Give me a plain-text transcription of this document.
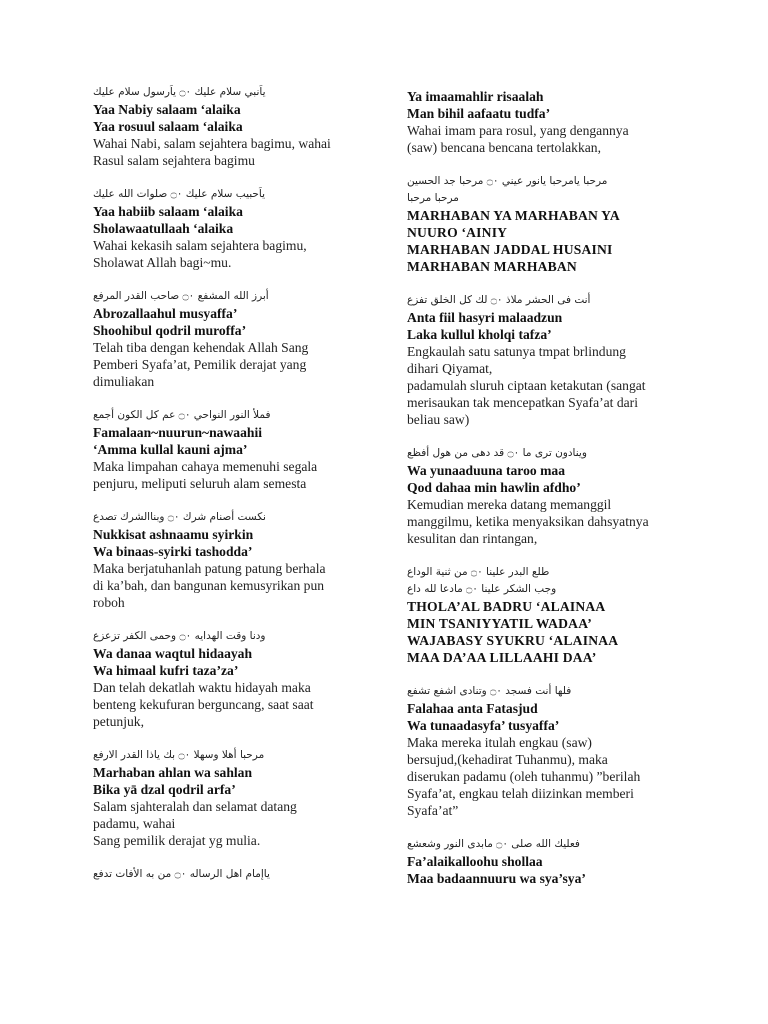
ياَنبي سلام عليك ۝٠ ياَرسول سلام عليك
Yaa Nabiy salaam ‘alaika
Yaa rosuul salaam ‘alaika
Wahai Nabi, salam sejahtera bagimu, wahai
Rasul salam sejahtera bagimu
ياَحبيب سلام عليك ۝٠ صلوات الله عليك
Yaa habiib salaam ‘alaika
Sholawaatullaah ‘alaika
Wahai kekasih salam sejahtera bagimu,
Sholawat Allah bagi~mu.
أبرز الله المشفع ۝٠ صاحب القدر المرفع
Abrozallaahul musyaffa’
Shoohibul qodril muroffa’
Telah tiba dengan kehendak Allah Sang
Pemberi Syafa’at, Pemilik derajat yang
dimuliakan
فملأ النور النواحي ۝٠ عم كل الكون أجمع
Famalaan~nuurun~nawaahii
‘Amma kullal kauni ajma’
Maka limpahan cahaya memenuhi segala
penjuru, meliputi seluruh alam semesta
نكست أصنام شرك ۝٠ وبناالشرك تصدع
Nukkisat ashnaamu syirkin
Wa binaas-syirki tashodda’
Maka berjatuhanlah patung patung berhala
di ka’bah, dan bangunan kemusyrikan pun
roboh
ودنا وقت الهدايه ۝٠ وحمى الكفر تزعزع
Wa danaa waqtul hidaayah
Wa himaal kufri taza’za’
Dan telah dekatlah waktu hidayah maka
benteng kekufuran berguncang, saat saat
petunjuk,
مرحبا أهلا وسهلا ۝٠ بك ياذا القدر الارفع
Marhaban ahlan wa sahlan
Bika yā dzal qodril arfa’
Salam sjahteralah dan selamat datang
padamu, wahai
Sang pemilik derajat yg mulia.
ياإمام اهل الرساله ۝٠ من به الأفات تدفع
Ya imaamahlir risaalah
Man bihil aafaatu tudfa’
Wahai imam para rosul, yang dengannya
(saw) bencana bencana tertolakkan,
مرحبا يامرحبا يانور عيني ۝٠ مرحبا جد الحسين
مرحبا مرحبا
MARHABAN YA MARHABAN YA
NUURO ‘AINIY
MARHABAN JADDAL HUSAINI
MARHABAN MARHABAN
أنت فى الحشر ملاذ ۝٠ لك كل الخلق تفزع
Anta fiil hasyri malaadzun
Laka kullul kholqi tafza’
Engkaulah satu satunya tmpat brlindung
dihari Qiyamat,
padamulah sluruh ciptaan ketakutan (sangat
merisaukan tak mencepatkan Syafa’at dari
beliau saw)
وينادون ترى ما ۝٠ قد دهى من هول أفظع
Wa yunaaduuna taroo maa
Qod dahaa min hawlin afdho’
Kemudian mereka datang memanggil
manggilmu, ketika menyaksikan dahsyatnya
kesulitan dan rintangan,
طلع البدر علينا ۝٠ من ثنية الوداع
وجب الشكر علينا ۝٠ مادعا لله داع
THOLA’AL BADRU ‘ALAINAA
MIN TSANIYYATIL WADAA’
WAJABASY SYUKRU ‘ALAINAA
MAA DA’AA LILLAAHI DAA’
فلها أنت فسجد ۝٠ وتنادى اشفع تشفع
Falahaa anta Fatasjud
Wa tunaadasyfa’ tusyaffa’
Maka mereka itulah engkau (saw)
bersujud,(kehadirat Tuhanmu), maka
diserukan padamu (oleh tuhanmu) ”berilah
Syafa’at, engkau telah diizinkan memberi
Syafa’at”
فعليك الله صلى ۝٠ مابدى النور وشعشع
Fa’alaikalloohu shollaa
Maa badaannuuru wa sya’sya’
